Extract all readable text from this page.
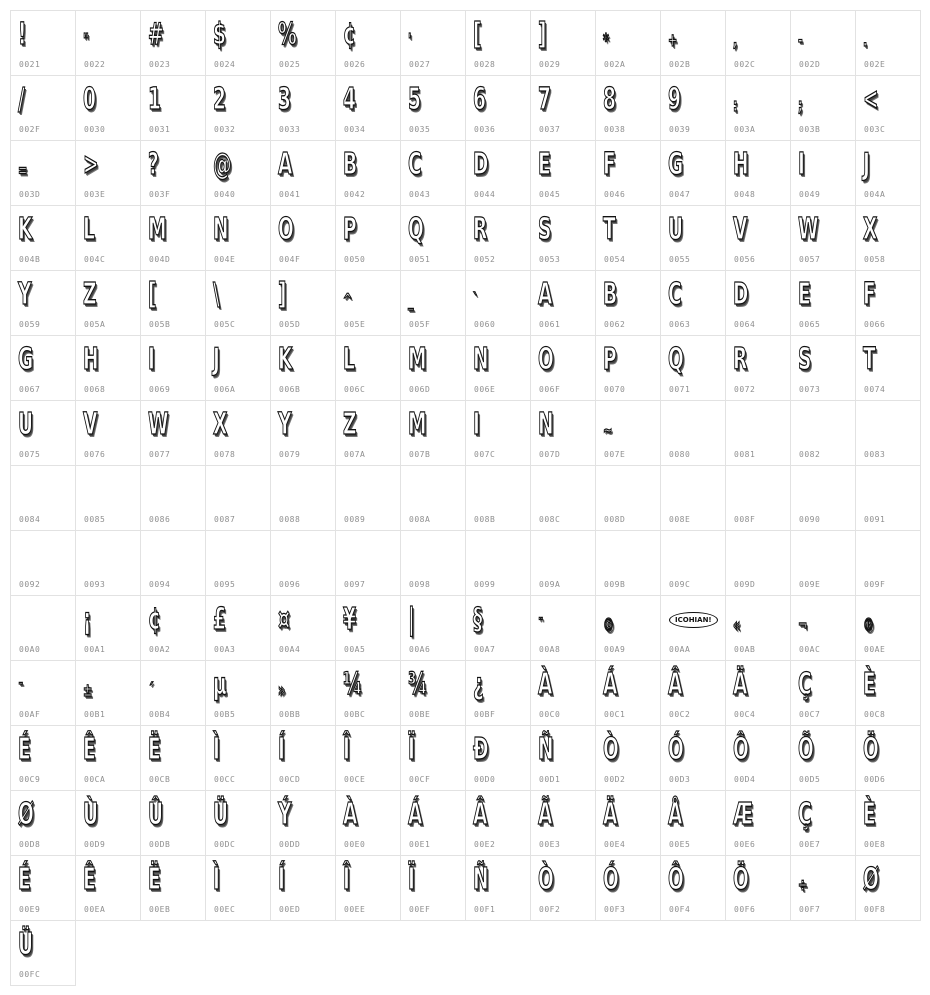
!
0021
"
0022
#
0023
$
0024
%
0025
¢
0026
'
0027
[
0028
]
0029
*
002A
+
002B
,
002C
-
002D
.
002E
/
002F
0
0030
1
0031
2
0032
3
0033
4
0034
5
0035
6
0036
7
0037
8
0038
9
0039
:
003A
;
003B
<
003C
=
003D
>
003E
?
003F
@
0040
A
0041
B
0042
C
0043
D
0044
E
0045
F
0046
G
0047
H
0048
I
0049
J
004A
K
004B
L
004C
M
004D
N
004E
O
004F
P
0050
Q
0051
R
0052
S
0053
T
0054
U
0055
V
0056
W
0057
X
0058
Y
0059
Z
005A
[
005B
\
005C
]
005D
^
005E
_
005F
`
0060
A
0061
B
0062
C
0063
D
0064
E
0065
F
0066
G
0067
H
0068
I
0069
J
006A
K
006B
L
006C
M
006D
N
006E
O
006F
P
0070
Q
0071
R
0072
S
0073
T
0074
U
0075
V
0076
W
0077
X
0078
Y
0079
Z
007A
M
007B
I
007C
N
007D
~
007E	0080	0081	0082	0083
0084	0085	0086	0087	0088	0089	008A	008B	008C	008D	008E	008F	0090	0091
0092	0093	0094	0095	0096	0097	0098	0099	009A	009B	009C	009D	009E	009F
00A0
¡
00A1
¢
00A2
£
00A3
¤
00A4
¥
00A5
|
00A6
§
00A7
¨
00A8
©
00A9
ICOHIAN!
00AA
«
00AB
¬
00AC
®
00AE
¯
00AF
±
00B1
´
00B4
µ
00B5
»
00BB
¼
00BC
¾
00BE
¿
00BF
À
00C0
Á
00C1
Â
00C2
Ä
00C4
Ç
00C7
È
00C8
É
00C9
Ê
00CA
Ë
00CB
Ì
00CC
Í
00CD
Î
00CE
Ï
00CF
Ð
00D0
Ñ
00D1
Ò
00D2
Ó
00D3
Ô
00D4
Õ
00D5
Ö
00D6
Ø
00D8
Ù
00D9
Û
00DB
Ü
00DC
Ý
00DD
À
00E0
Á
00E1
Â
00E2
Ã
00E3
Ä
00E4
Å
00E5
Æ
00E6
Ç
00E7
È
00E8
É
00E9
Ê
00EA
Ë
00EB
Ì
00EC
Í
00ED
Î
00EE
Ï
00EF
Ñ
00F1
Ò
00F2
Ó
00F3
Ô
00F4
Ö
00F6
÷
00F7
Ø
00F8
Ü
00FC
